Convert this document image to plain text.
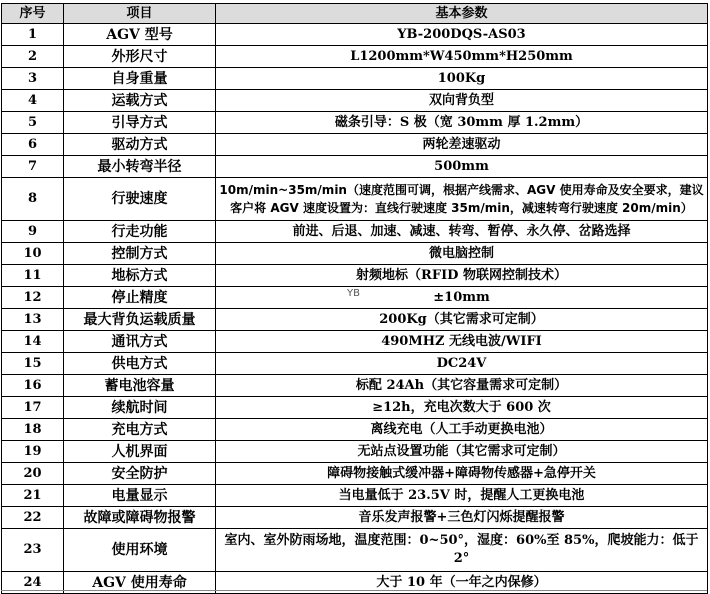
序号	项目	基本参数
1	AGV 型号	YB-200DQS-AS03
2	外形尺寸	L1200mm*W450mm*H250mm
3	自身重量	100Kg
4	运载方式	双向背负型
5	引导方式	磁条引导：S 极（宽 30mm 厚 1.2mm）
6	驱动方式	两轮差速驱动
7	最小转弯半径	500mm
8	行驶速度	10m/min~35m/min（速度范围可调，根据产线需求、AGV 使用寿命及安全要求，建议客户将 AGV 速度设置为：直线行驶速度 35m/min，减速转弯行驶速度 20m/min）
9	行走功能	前进、后退、加速、减速、转弯、暂停、永久停、岔路选择
10	控制方式	微电脑控制
11	地标方式	射频地标（RFID 物联网控制技术）
12	停止精度	±10mm
13	最大背负运载质量	200Kg（其它需求可定制）
14	通讯方式	490MHZ 无线电波/WIFI
15	供电方式	DC24V
16	蓄电池容量	标配 24Ah（其它容量需求可定制）
17	续航时间	≥12h，充电次数大于 600 次
18	充电方式	离线充电（人工手动更换电池）
19	人机界面	无站点设置功能（其它需求可定制）
20	安全防护	障碍物接触式缓冲器+障碍物传感器+急停开关
21	电量显示	当电量低于 23.5V 时，提醒人工更换电池
22	故障或障碍物报警	音乐发声报警+三色灯闪烁提醒报警
23	使用环境	室内、室外防雨场地，温度范围：0~50°，湿度：60%至 85%，爬坡能力：低于 2°
24	AGV 使用寿命	大于 10 年（一年之内保修）
YB
